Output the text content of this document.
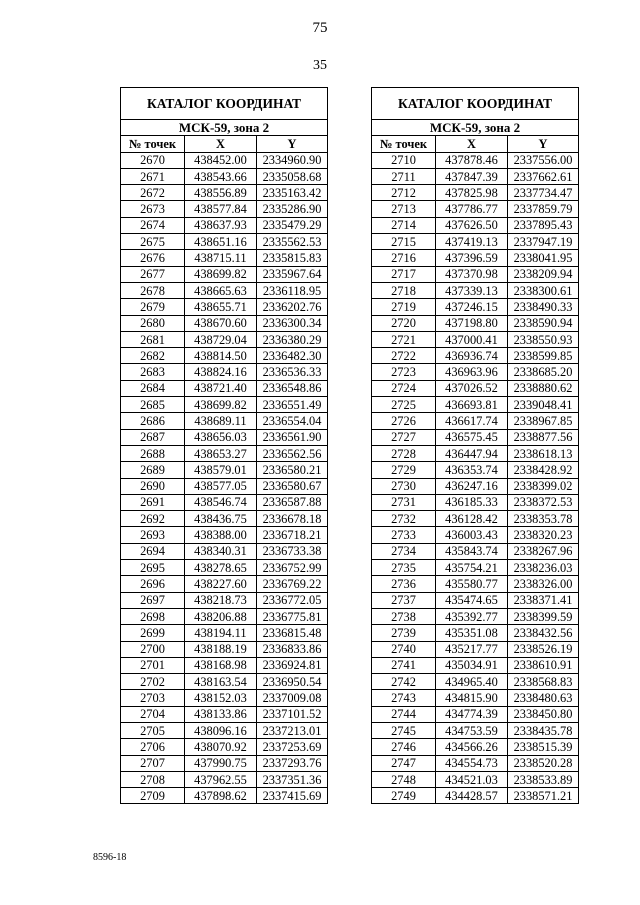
75
35
КАТАЛОГ КООРДИНАТ		
МСК-59, зона 2		
№ точек	X	Y
2670	438452.00	2334960.90
2671	438543.66	2335058.68
2672	438556.89	2335163.42
2673	438577.84	2335286.90
2674	438637.93	2335479.29
2675	438651.16	2335562.53
2676	438715.11	2335815.83
2677	438699.82	2335967.64
2678	438665.63	2336118.95
2679	438655.71	2336202.76
2680	438670.60	2336300.34
2681	438729.04	2336380.29
2682	438814.50	2336482.30
2683	438824.16	2336536.33
2684	438721.40	2336548.86
2685	438699.82	2336551.49
2686	438689.11	2336554.04
2687	438656.03	2336561.90
2688	438653.27	2336562.56
2689	438579.01	2336580.21
2690	438577.05	2336580.67
2691	438546.74	2336587.88
2692	438436.75	2336678.18
2693	438388.00	2336718.21
2694	438340.31	2336733.38
2695	438278.65	2336752.99
2696	438227.60	2336769.22
2697	438218.73	2336772.05
2698	438206.88	2336775.81
2699	438194.11	2336815.48
2700	438188.19	2336833.86
2701	438168.98	2336924.81
2702	438163.54	2336950.54
2703	438152.03	2337009.08
2704	438133.86	2337101.52
2705	438096.16	2337213.01
2706	438070.92	2337253.69
2707	437990.75	2337293.76
2708	437962.55	2337351.36
2709	437898.62	2337415.69
КАТАЛОГ КООРДИНАТ		
МСК-59, зона 2		
№ точек	X	Y
2710	437878.46	2337556.00
2711	437847.39	2337662.61
2712	437825.98	2337734.47
2713	437786.77	2337859.79
2714	437626.50	2337895.43
2715	437419.13	2337947.19
2716	437396.59	2338041.95
2717	437370.98	2338209.94
2718	437339.13	2338300.61
2719	437246.15	2338490.33
2720	437198.80	2338590.94
2721	437000.41	2338550.93
2722	436936.74	2338599.85
2723	436963.96	2338685.20
2724	437026.52	2338880.62
2725	436693.81	2339048.41
2726	436617.74	2338967.85
2727	436575.45	2338877.56
2728	436447.94	2338618.13
2729	436353.74	2338428.92
2730	436247.16	2338399.02
2731	436185.33	2338372.53
2732	436128.42	2338353.78
2733	436003.43	2338320.23
2734	435843.74	2338267.96
2735	435754.21	2338236.03
2736	435580.77	2338326.00
2737	435474.65	2338371.41
2738	435392.77	2338399.59
2739	435351.08	2338432.56
2740	435217.77	2338526.19
2741	435034.91	2338610.91
2742	434965.40	2338568.83
2743	434815.90	2338480.63
2744	434774.39	2338450.80
2745	434753.59	2338435.78
2746	434566.26	2338515.39
2747	434554.73	2338520.28
2748	434521.03	2338533.89
2749	434428.57	2338571.21
8596-18
